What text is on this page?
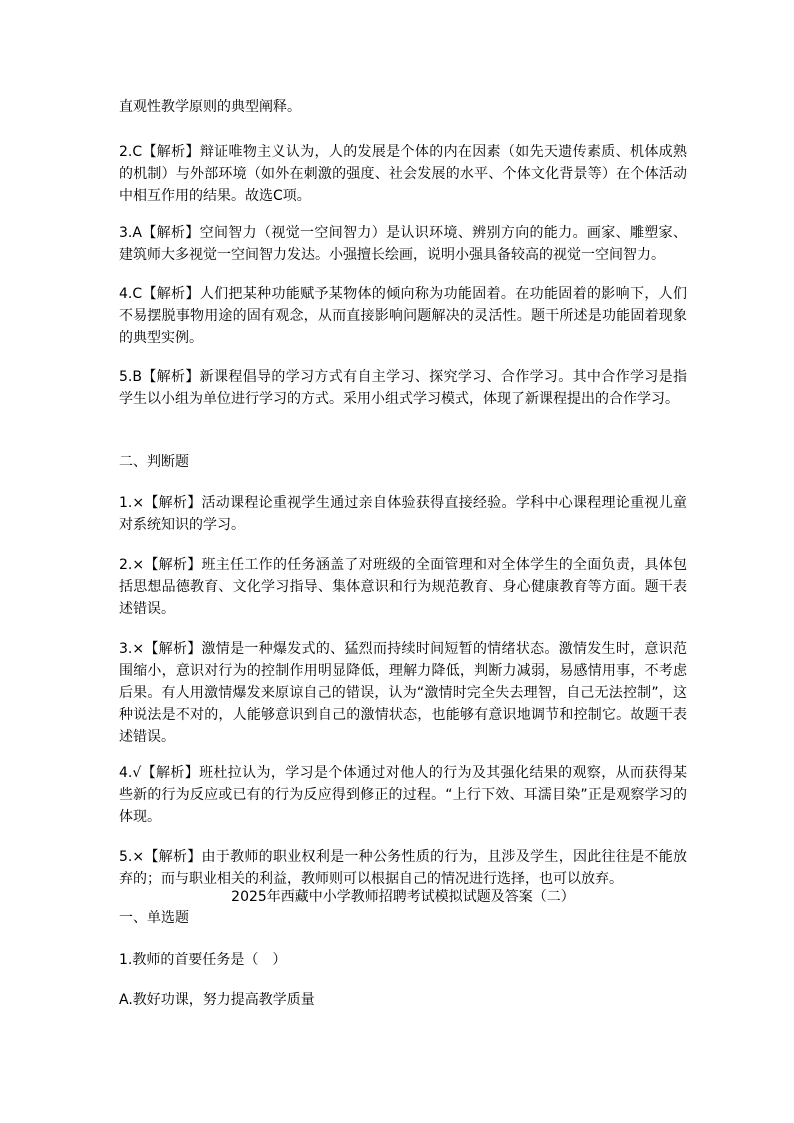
直观性教学原则的典型阐释。

2.C【解析】辩证唯物主义认为，人的发展是个体的内在因素（如先天遗传素质、机体成熟的机制）与外部环境（如外在刺激的强度、社会发展的水平、个体文化背景等）在个体活动中相互作用的结果。故选C项。

3.A【解析】空间智力（视觉一空间智力）是认识环境、辨别方向的能力。画家、雕塑家、建筑师大多视觉一空间智力发达。小强擅长绘画，说明小强具备较高的视觉一空间智力。

4.C【解析】人们把某种功能赋予某物体的倾向称为功能固着。在功能固着的影响下，人们不易摆脱事物用途的固有观念，从而直接影响问题解决的灵活性。题干所述是功能固着现象的典型实例。

5.B【解析】新课程倡导的学习方式有自主学习、探究学习、合作学习。其中合作学习是指学生以小组为单位进行学习的方式。采用小组式学习模式，体现了新课程提出的合作学习。

二、判断题

1.×【解析】活动课程论重视学生通过亲自体验获得直接经验。学科中心课程理论重视儿童对系统知识的学习。

2.×【解析】班主任工作的任务涵盖了对班级的全面管理和对全体学生的全面负责，具体包括思想品德教育、文化学习指导、集体意识和行为规范教育、身心健康教育等方面。题干表述错误。

3.×【解析】激情是一种爆发式的、猛烈而持续时间短暂的情绪状态。激情发生时，意识范围缩小，意识对行为的控制作用明显降低，理解力降低，判断力减弱，易感情用事，不考虑后果。有人用激情爆发来原谅自己的错误，认为“激情时完全失去理智，自己无法控制”，这种说法是不对的，人能够意识到自己的激情状态，也能够有意识地调节和控制它。故题干表述错误。

4.√【解析】班杜拉认为，学习是个体通过对他人的行为及其强化结果的观察，从而获得某些新的行为反应或已有的行为反应得到修正的过程。“上行下效、耳濡目染”正是观察学习的体现。

5.×【解析】由于教师的职业权利是一种公务性质的行为，且涉及学生，因此往往是不能放弃的；而与职业相关的利益，教师则可以根据自己的情况进行选择，也可以放弃。

2025年西藏中小学教师招聘考试模拟试题及答案（二）

一、单选题

1.教师的首要任务是（　）

A.教好功课，努力提高教学质量
